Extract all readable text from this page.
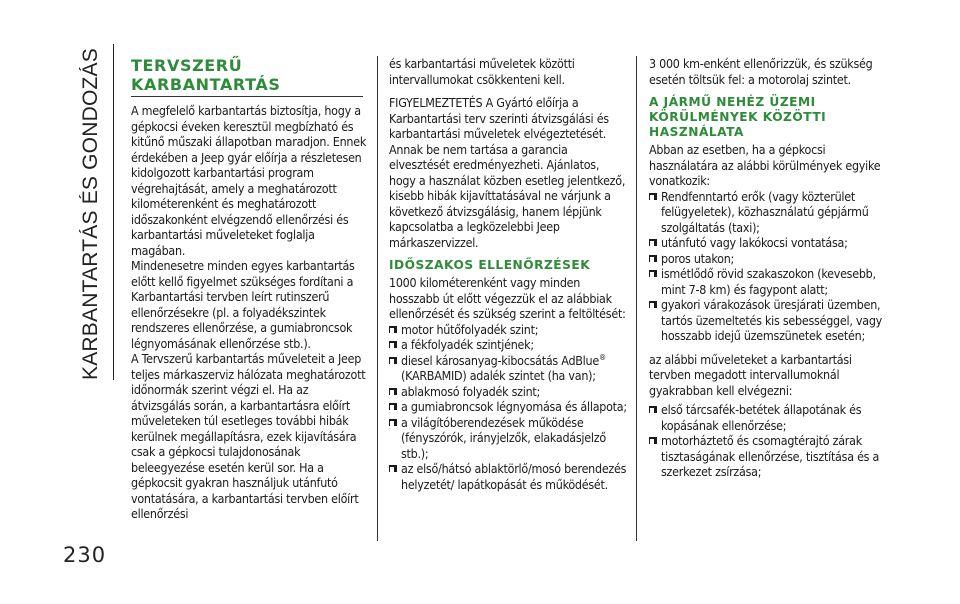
KARBANTARTÁS ÉS GONDOZÁS
230
TERVSZERŰ
KARBANTARTÁS

A megfelelő karbantartás biztosítja, hogy a gépkocsi éveken keresztül megbízható és kitűnő műszaki állapotban maradjon. Ennek érdekében a Jeep gyár előírja a részletesen kidolgozott karbantartási program végrehajtását, amely a meghatározott kilométerenként és meghatározott időszakonként elvégzendő ellenőrzési és karbantartási műveleteket foglalja magában.

Mindenesetre minden egyes karbantartás előtt kellő figyelmet szükséges fordítani a Karbantartási tervben leírt rutinszerű ellenőrzésekre (pl. a folyadékszintek rendszeres ellenőrzése, a gumiabroncsok légnyomásának ellenőrzése stb.).

A Tervszerű karbantartás műveleteit a Jeep teljes márkaszerviz hálózata meghatározott időnormák szerint végzi el. Ha az átvizsgálás során, a karbantartásra előírt műveleteken túl esetleges további hibák kerülnek megállapításra, ezek kijavítására csak a gépkocsi tulajdonosának beleegyezése esetén kerül sor. Ha a gépkocsit gyakran használjuk utánfutó vontatására, a karbantartási tervben előírt ellenőrzési

és karbantartási műveletek közötti intervallumokat csökkenteni kell.

FIGYELMEZTETÉS A Gyártó előírja a Karbantartási terv szerinti átvizsgálási és karbantartási műveletek elvégeztetését. Annak be nem tartása a garancia elvesztését eredményezheti. Ajánlatos, hogy a használat közben esetleg jelentkező, kisebb hibák kijavíttatásával ne várjunk a következő átvizsgálásig, hanem lépjünk kapcsolatba a legközelebbi Jeep márkaszervizzel.

IDŐSZAKOS ELLENŐRZÉSEK

1000 kilométerenként vagy minden hosszabb út előtt végezzük el az alábbiak ellenőrzését és szükség szerint a feltöltését:

motor hűtőfolyadék szint;
a fékfolyadék szintjének;
diesel károsanyag-kibocsátás AdBlue®
(KARBAMID) adalék szintet (ha van);
ablakmosó folyadék szint;
a gumiabroncsok légnyomása és állapota;
a világítóberendezések működése (fényszórók, irányjelzők, elakadásjelző stb.);
az első/hátsó ablaktörlő/mosó berendezés helyzetét/ lapátkopását és működését.

3 000 km-enként ellenőrizzük, és szükség esetén töltsük fel: a motorolaj szintet.

A JÁRMŰ NEHÉZ ÜZEMI KÖRÜLMÉNYEK KÖZÖTTI HASZNÁLATA

Abban az esetben, ha a gépkocsi használatára az alábbi körülmények egyike vonatkozik:

Rendfenntartó erők (vagy közterület felügyeletek), közhasználatú gépjármű szolgáltatás (taxi);
utánfutó vagy lakókocsi vontatása;
poros utakon;
ismétlődő rövid szakaszokon (kevesebb, mint 7-8 km) és fagypont alatt;
gyakori várakozások üresjárati üzemben, tartós üzemeltetés kis sebességgel, vagy hosszabb idejű üzemszünetek esetén;

az alábbi műveleteket a karbantartási tervben megadott intervallumoknál gyakrabban kell elvégezni:

első tárcsafék-betétek állapotának és kopásának ellenőrzése;
motorháztető és csomagtérajtó zárak tisztaságának ellenőrzése, tisztítása és a szerkezet zsírzása;
